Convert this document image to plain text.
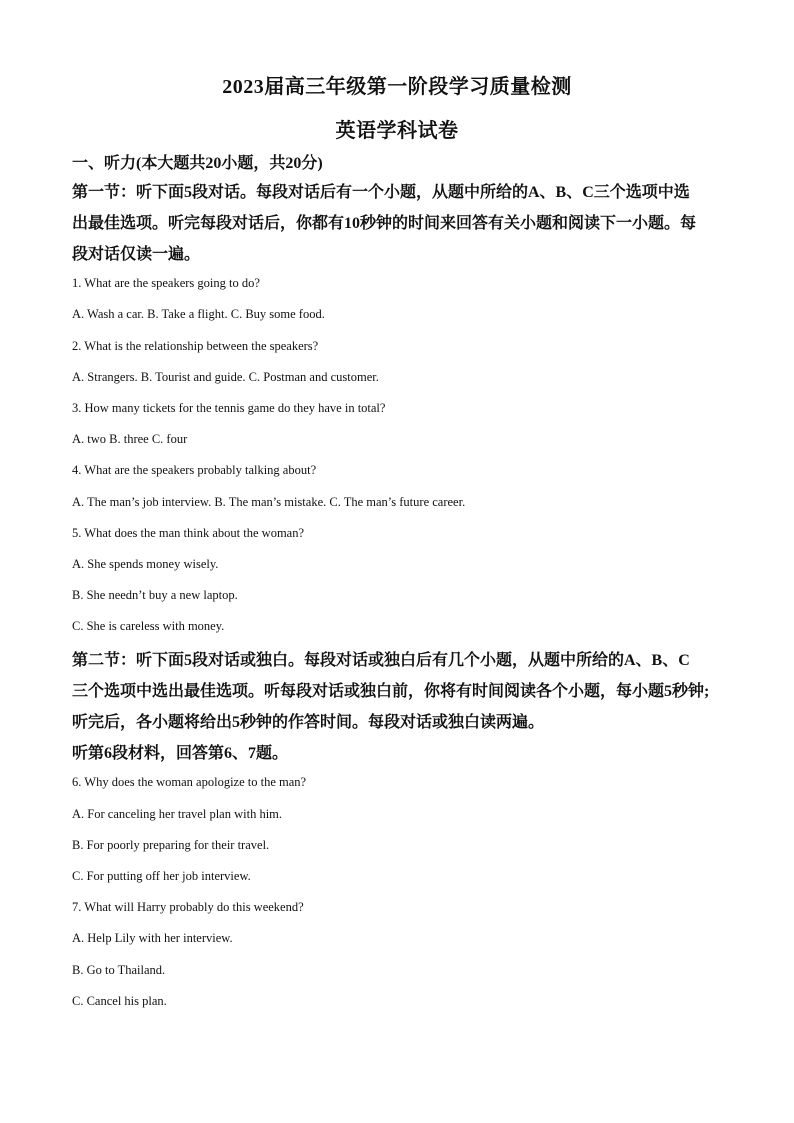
2023届高三年级第一阶段学习质量检测
英语学科试卷
一、听力(本大题共20小题，共20分)
第一节：听下面5段对话。每段对话后有一个小题，从题中所给的A、B、C三个选项中选
出最佳选项。听完每段对话后，你都有10秒钟的时间来回答有关小题和阅读下一小题。每
段对话仅读一遍。
1. What are the speakers going to do?
A. Wash a car. B. Take a flight. C. Buy some food.
2. What is the relationship between the speakers?
A. Strangers. B. Tourist and guide. C. Postman and customer.
3. How many tickets for the tennis game do they have in total?
A. two B. three C. four
4. What are the speakers probably talking about?
A. The man’s job interview. B. The man’s mistake. C. The man’s future career.
5. What does the man think about the woman?
A. She spends money wisely.
B. She needn’t buy a new laptop.
C. She is careless with money.
第二节：听下面5段对话或独白。每段对话或独白后有几个小题，从题中所给的A、B、C
三个选项中选出最佳选项。听每段对话或独白前，你将有时间阅读各个小题，每小题5秒钟;
听完后，各小题将给出5秒钟的作答时间。每段对话或独白读两遍。
听第6段材料，回答第6、7题。
6. Why does the woman apologize to the man?
A. For canceling her travel plan with him.
B. For poorly preparing for their travel.
C. For putting off her job interview.
7. What will Harry probably do this weekend?
A. Help Lily with her interview.
B. Go to Thailand.
C. Cancel his plan.
